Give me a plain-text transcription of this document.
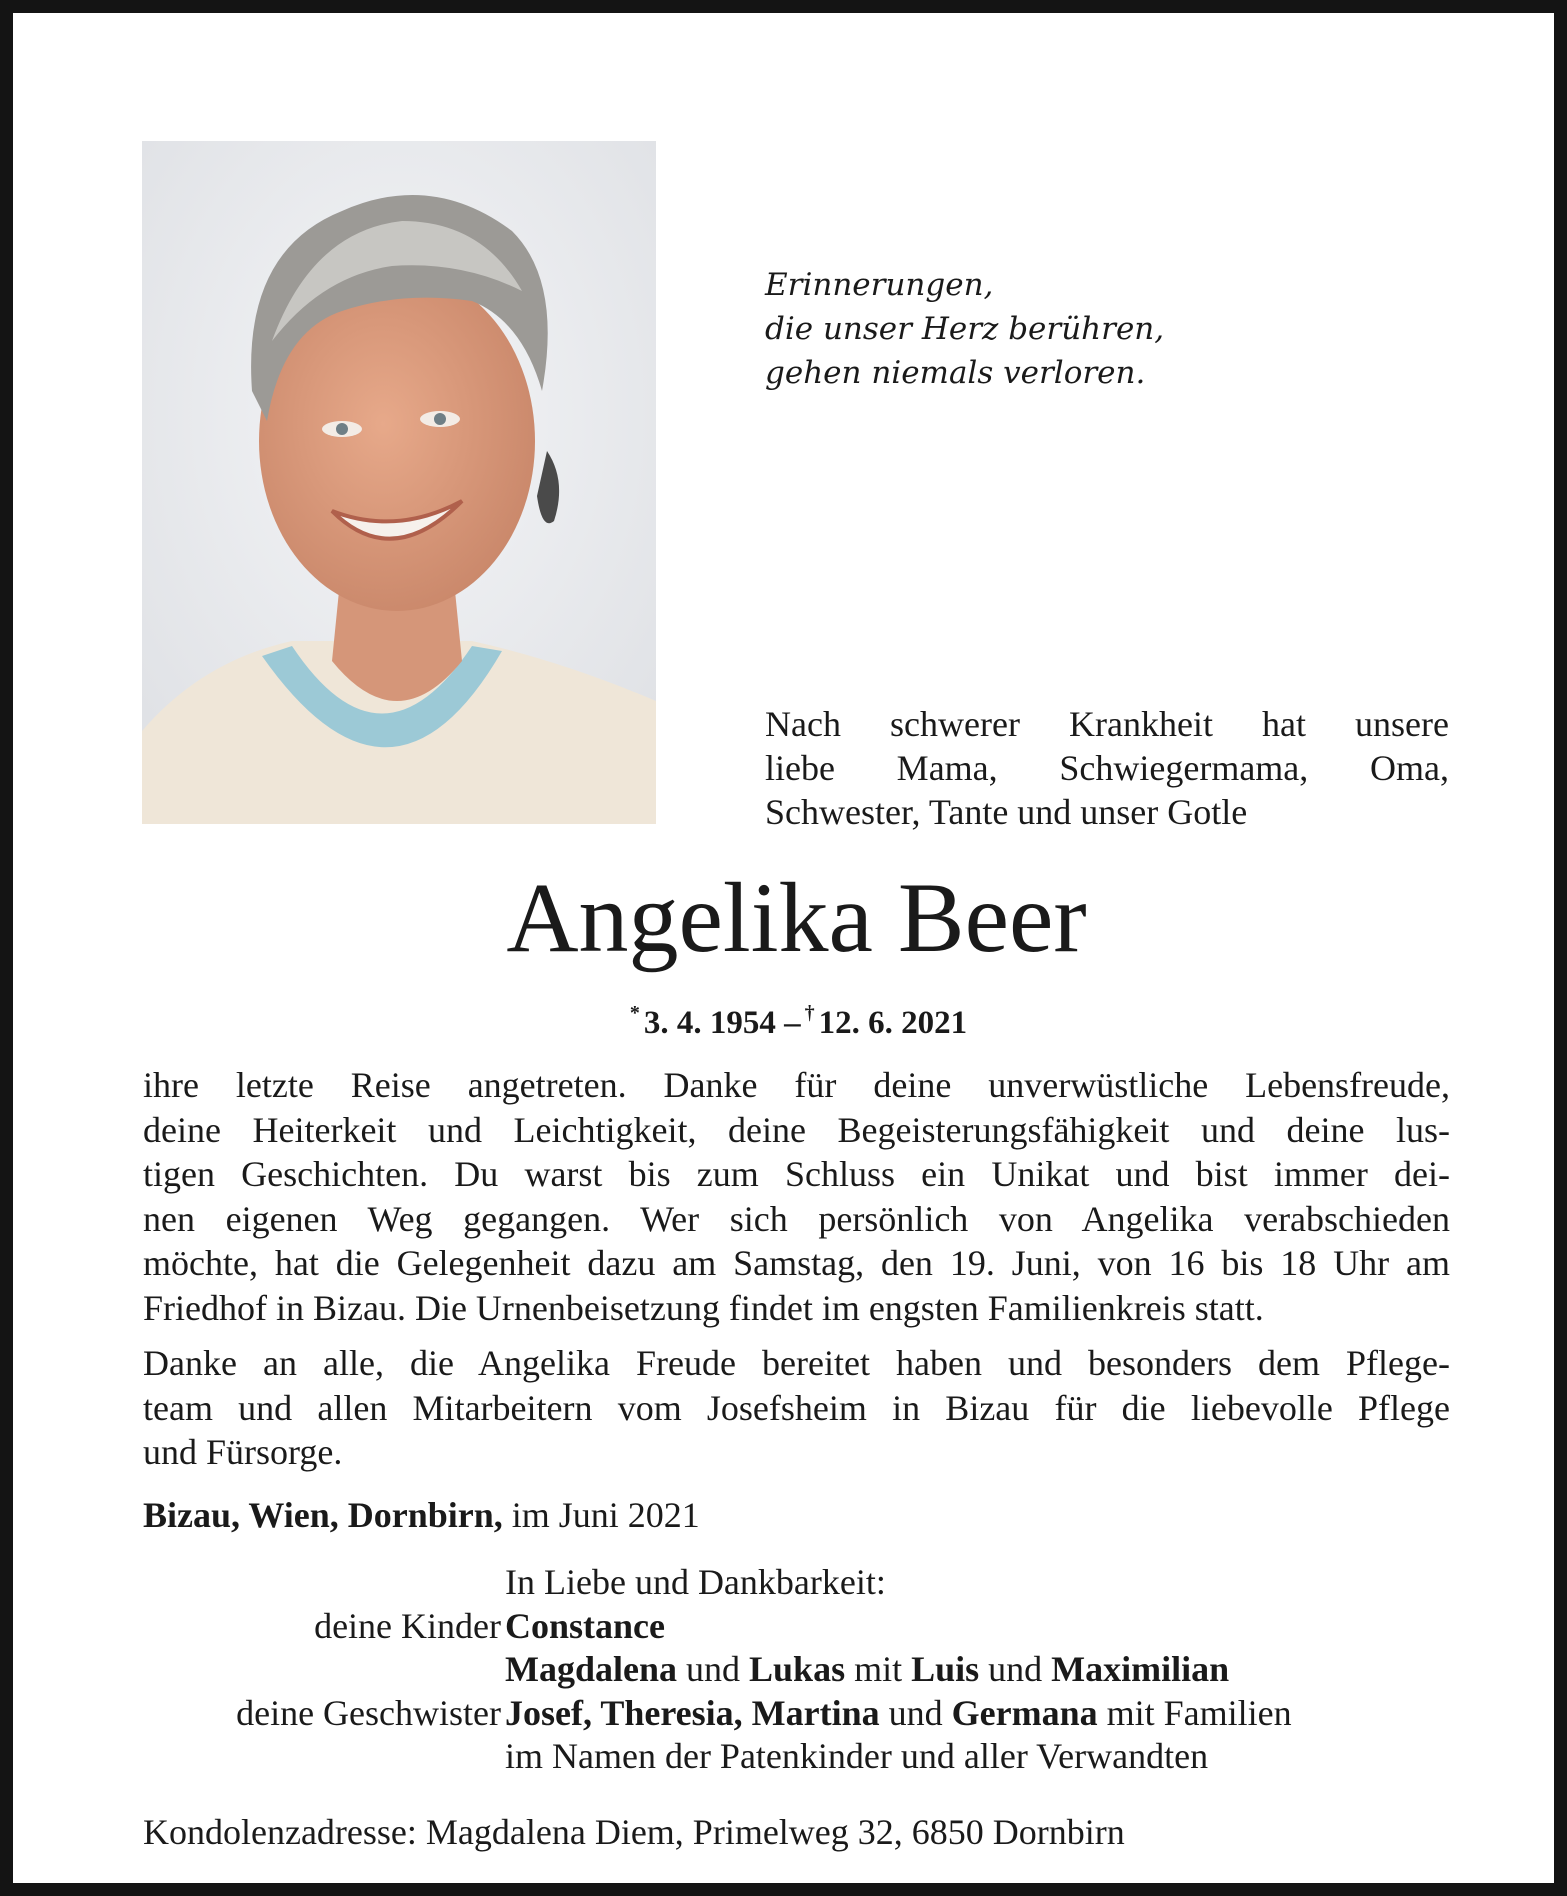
Erinnerungen,
die unser Herz berühren,
gehen niemals verloren.
Nach schwerer Krankheit hat unsere
liebe Mama, Schwiegermama, Oma,
Schwester, Tante und unser Gotle
Angelika Beer
* 3. 4. 1954 – † 12. 6. 2021
ihre letzte Reise angetreten. Danke für deine unverwüstliche Lebensfreude,
deine Heiterkeit und Leichtigkeit, deine Begeisterungsfähigkeit und deine lus-
tigen Geschichten. Du warst bis zum Schluss ein Unikat und bist immer dei-
nen eigenen Weg gegangen. Wer sich persönlich von Angelika verabschieden
möchte, hat die Gelegenheit dazu am Samstag, den 19. Juni, von 16 bis 18 Uhr am
Friedhof in Bizau. Die Urnenbeisetzung findet im engsten Familienkreis statt.
Danke an alle, die Angelika Freude bereitet haben und besonders dem Pflege-
team und allen Mitarbeitern vom Josefsheim in Bizau für die liebevolle Pflege
und Fürsorge.
Bizau, Wien, Dornbirn, im Juni 2021
In Liebe und Dankbarkeit:
deine Kinder Constance
Magdalena und Lukas mit Luis und Maximilian
deine Geschwister Josef, Theresia, Martina und Germana mit Familien
im Namen der Patenkinder und aller Verwandten
Kondolenzadresse: Magdalena Diem, Primelweg 32, 6850 Dornbirn
